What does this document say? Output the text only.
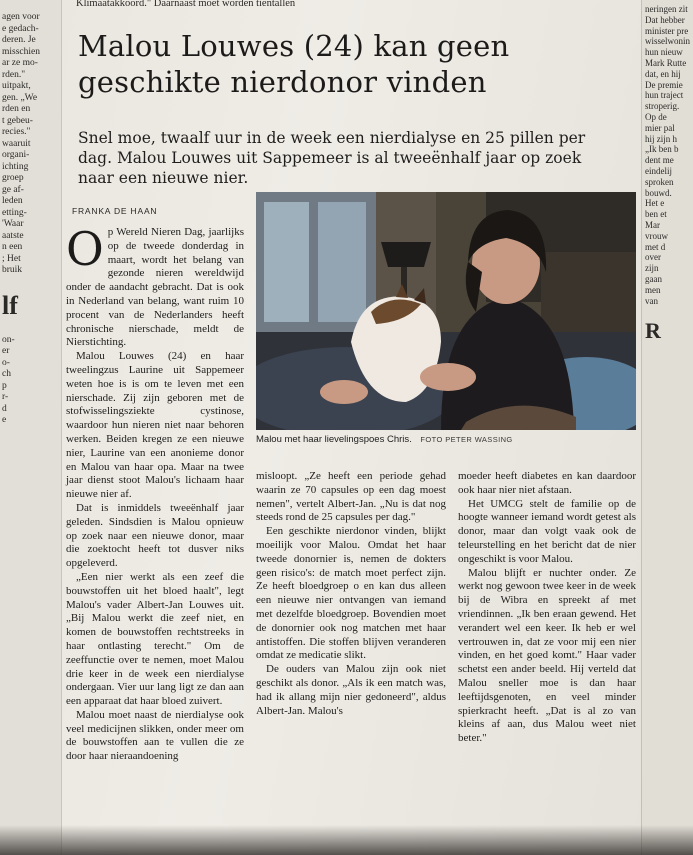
agen voor
e gedach-
deren. Je
misschien
ar ze mo-
rden."
uitpakt,
gen. „We
rden en
t gebeu-
recies."
waaruit
organi-
ichting
groep
ge af-
leden
etting-
'Waar
aatste
n een
; Het
bruik
lf
on-
er
o-
ch
p
r-
d
e
Klimaatakkoord." Daarnaast moet worden tientallen
Malou Louwes (24) kan geen geschikte nierdonor vinden

Snel moe, twaalf uur in de week een nierdialyse en 25 pillen per dag. Malou Louwes uit Sappemeer is al tweeënhalf jaar op zoek naar een nieuwe nier.

FRANKA DE HAAN

Op Wereld Nieren Dag, jaarlijks op de tweede donderdag in maart, wordt het belang van gezonde nieren wereldwijd onder de aandacht gebracht. Dat is ook in Nederland van belang, want ruim 10 procent van de Nederlanders heeft chronische nierschade, meldt de Nierstichting.

Malou Louwes (24) en haar tweelingzus Laurine uit Sappemeer weten hoe is is om te leven met een nierschade. Zij zijn geboren met de stofwisselingsziekte cystinose, waardoor hun nieren niet naar behoren werken. Beiden kregen ze een nieuwe nier, Laurine van een anonieme donor en Malou van haar opa. Maar na twee jaar dienst stoot Malou's lichaam haar nieuwe nier af.

Dat is inmiddels tweeënhalf jaar geleden. Sindsdien is Malou opnieuw op zoek naar een nieuwe donor, maar die zoektocht heeft tot dusver niks opgeleverd.

„Een nier werkt als een zeef die bouwstoffen uit het bloed haalt", legt Malou's vader Albert-Jan Louwes uit. „Bij Malou werkt die zeef niet, en komen de bouwstoffen rechtstreeks in haar ontlasting terecht." Om de zeeffunctie over te nemen, moet Malou drie keer in de week een nierdialyse ondergaan. Vier uur lang ligt ze dan aan een apparaat dat haar bloed zuivert.

Malou moet naast de nierdialyse ook veel medicijnen slikken, onder meer om de bouwstoffen aan te vullen die ze door haar nieraandoening

Malou met haar lievelingspoes Chris. FOTO PETER WASSING

misloopt. „Ze heeft een periode gehad waarin ze 70 capsules op een dag moest nemen", vertelt Albert-Jan. „Nu is dat nog steeds rond de 25 capsules per dag."

Een geschikte nierdonor vinden, blijkt moeilijk voor Malou. Omdat het haar tweede donornier is, nemen de dokters geen risico's: de match moet perfect zijn. Ze heeft bloedgroep o en kan dus alleen een nieuwe nier ontvangen van iemand met dezelfde bloedgroep. Bovendien moet de donornier ook nog matchen met haar antistoffen. Die stoffen blijven veranderen omdat ze medicatie slikt.

De ouders van Malou zijn ook niet geschikt als donor. „Als ik een match was, had ik allang mijn nier gedoneerd", aldus Albert-Jan. Malou's

moeder heeft diabetes en kan daardoor ook haar nier niet afstaan.

Het UMCG stelt de familie op de hoogte wanneer iemand wordt getest als donor, maar dan volgt vaak ook de teleurstelling en het bericht dat de nier ongeschikt is voor Malou.

Malou blijft er nuchter onder. Ze werkt nog gewoon twee keer in de week bij de Wibra en spreekt af met vriendinnen. „Ik ben eraan gewend. Het verandert wel een keer. Ik heb er wel vertrouwen in, dat ze voor mij een nier vinden, en het goed komt." Haar vader schetst een ander beeld. Hij verteld dat Malou sneller moe is dan haar leeftijdsgenoten, en veel minder spierkracht heeft. „Dat is al zo van kleins af aan, dus Malou weet niet beter."

neringen zit
Dat hebber
minister pre
wisselwonin
hun nieuw
Mark Rutte
dat, en hij
De premie
hun traject
stroperig.
Op de
mier pal
hij zijn h
„Ik ben b
dent me
eindelij
sproken
bouwd.
Het e
ben et
Mar
vrouw
met d
over
zijn
gaan
men
van
R
